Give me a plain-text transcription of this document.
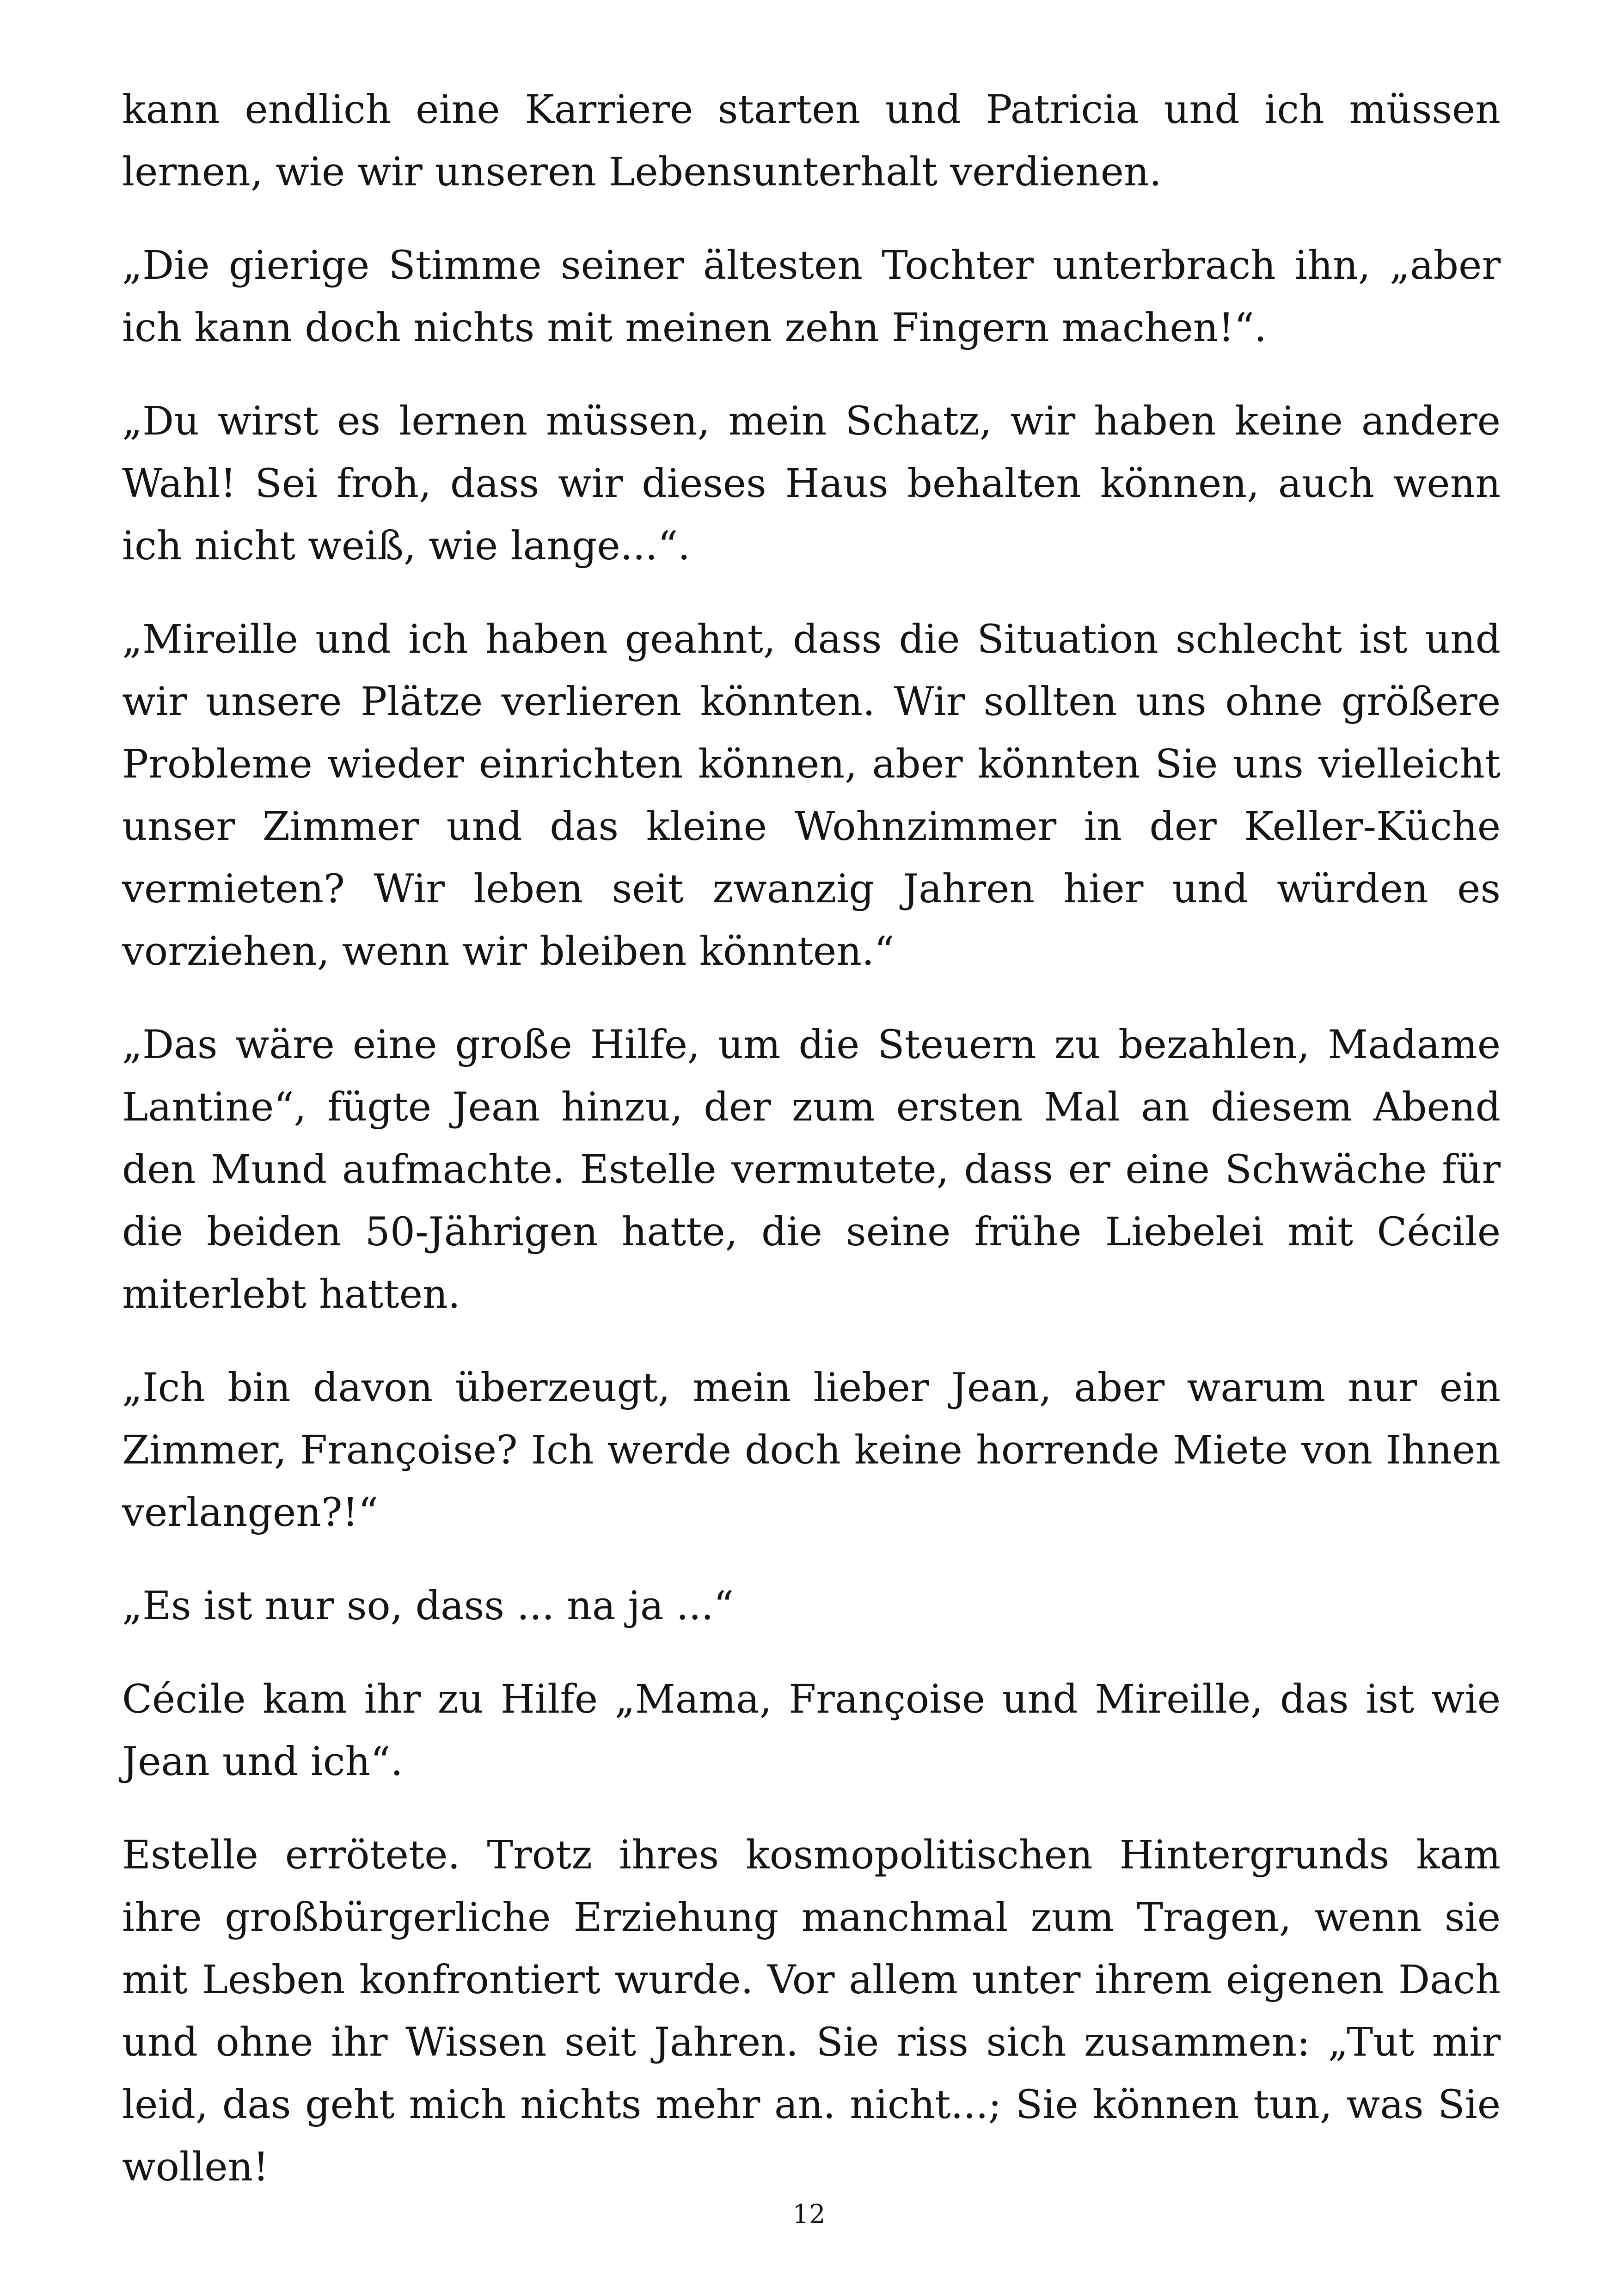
kann endlich eine Karriere starten und Patricia und ich müssen lernen, wie wir unseren Lebensunterhalt verdienen.

„Die gierige Stimme seiner ältesten Tochter unterbrach ihn, „aber ich kann doch nichts mit meinen zehn Fingern machen!“.

„Du wirst es lernen müssen, mein Schatz, wir haben keine andere Wahl! Sei froh, dass wir dieses Haus behalten können, auch wenn ich nicht weiß, wie lange...“.

„Mireille und ich haben geahnt, dass die Situation schlecht ist und wir unsere Plätze verlieren könnten. Wir sollten uns ohne größere Probleme wieder einrichten können, aber könnten Sie uns vielleicht unser Zimmer und das kleine Wohnzimmer in der Keller-Küche vermieten? Wir leben seit zwanzig Jahren hier und würden es vorziehen, wenn wir bleiben könnten.“

„Das wäre eine große Hilfe, um die Steuern zu bezahlen, Madame Lantine“, fügte Jean hinzu, der zum ersten Mal an diesem Abend den Mund aufmachte. Estelle vermutete, dass er eine Schwäche für die beiden 50-Jährigen hatte, die seine frühe Liebelei mit Cécile miterlebt hatten.

„Ich bin davon überzeugt, mein lieber Jean, aber warum nur ein Zimmer, Françoise? Ich werde doch keine horrende Miete von Ihnen verlangen?!“

„Es ist nur so, dass ... na ja ...“

Cécile kam ihr zu Hilfe „Mama, Françoise und Mireille, das ist wie Jean und ich“.

Estelle errötete. Trotz ihres kosmopolitischen Hintergrunds kam ihre großbürgerliche Erziehung manchmal zum Tragen, wenn sie mit Lesben konfrontiert wurde. Vor allem unter ihrem eigenen Dach und ohne ihr Wissen seit Jahren. Sie riss sich zusammen: „Tut mir leid, das geht mich nichts mehr an. nicht...; Sie können tun, was Sie wollen!

12
